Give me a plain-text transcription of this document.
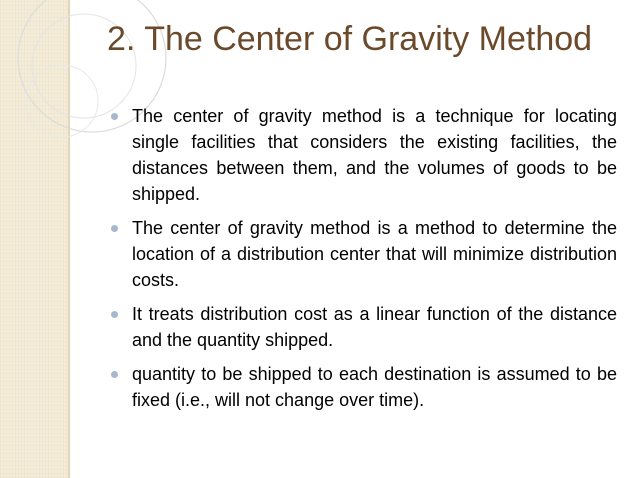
2. The Center of Gravity Method
The center of gravity method is a technique for locating single facilities that considers the existing facilities, the distances between them, and the volumes of goods to be shipped.
The center of gravity method is a method to determine the location of a distribution center that will minimize distribution costs.
It treats distribution cost as a linear function of the distance and the quantity shipped.
quantity to be shipped to each destination is assumed to be fixed (i.e., will not change over time).
